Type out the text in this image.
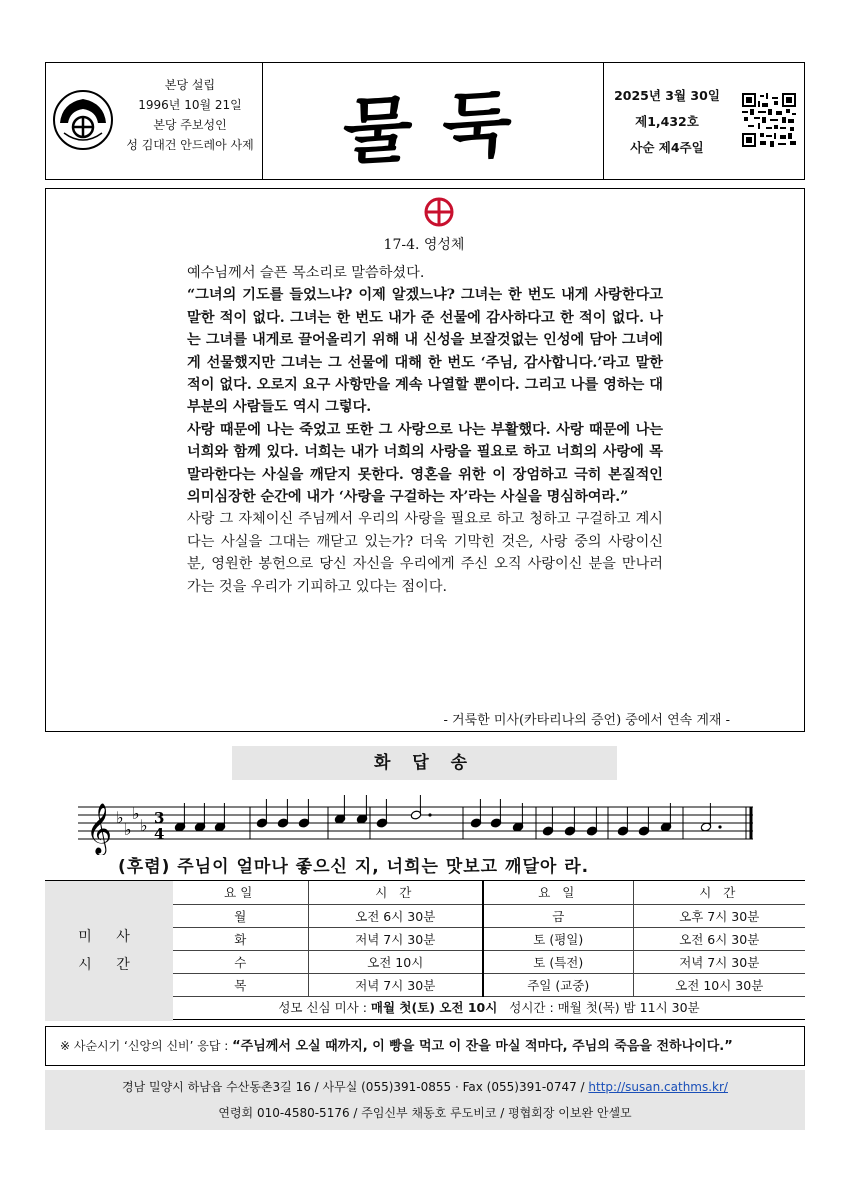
본당 설립
1996년 10월 21일
본당 주보성인
성 김대건 안드레아 사제 물둑	2025년 3월 30일
제1,432호
사순 제4주일
17-4. 영성체

예수님께서 슬픈 목소리로 말씀하셨다.

“그녀의 기도를 들었느냐? 이제 알겠느냐? 그녀는 한 번도 내게 사랑한다고 말한 적이 없다. 그녀는 한 번도 내가 준 선물에 감사하다고 한 적이 없다. 나는 그녀를 내게로 끌어올리기 위해 내 신성을 보잘것없는 인성에 담아 그녀에게 선물했지만 그녀는 그 선물에 대해 한 번도 ‘주님, 감사합니다.’라고 말한 적이 없다. 오로지 요구 사항만을 계속 나열할 뿐이다. 그리고 나를 영하는 대부분의 사람들도 역시 그렇다.

사랑 때문에 나는 죽었고 또한 그 사랑으로 나는 부활했다. 사랑 때문에 나는 너희와 함께 있다. 너희는 내가 너희의 사랑을 필요로 하고 너희의 사랑에 목말라한다는 사실을 깨닫지 못한다. 영혼을 위한 이 장엄하고 극히 본질적인 의미심장한 순간에 내가 ‘사랑을 구걸하는 자’라는 사실을 명심하여라.”

사랑 그 자체이신 주님께서 우리의 사랑을 필요로 하고 청하고 구걸하고 계시다는 사실을 그대는 깨닫고 있는가? 더욱 기막힌 것은, 사랑 중의 사랑이신 분, 영원한 봉헌으로 당신 자신을 우리에게 주신 오직 사랑이신 분을 만나러 가는 것을 우리가 기피하고 있다는 점이다.

- 거룩한 미사(카타리나의 증언) 중에서 연속 게재 -
화 답 송
𝄞 ♭
♭
♭
♭ 3
4
(후렴) 주님이 얼마나 좋으신 지, 너희는 맛보고 깨달아 라.
미 사
시 간
요일	시 간	요 일	시 간
월	오전 6시 30분	금	오후 7시 30분
화	저녁 7시 30분	토 (평일)	오전 6시 30분
수	오전 10시	토 (특전)	저녁 7시 30분
목	저녁 7시 30분	주일 (교중)	오전 10시 30분
성모 신심 미사 : 매월 첫(토) 오전 10시   성시간 : 매월 첫(목) 밤 11시 30분
※ 사순시기 ‘신앙의 신비’ 응답 : “주님께서 오실 때까지, 이 빵을 먹고 이 잔을 마실 적마다, 주님의 죽음을 전하나이다.”
경남 밀양시 하남읍 수산동촌3길 16 / 사무실 (055)391-0855 · Fax (055)391-0747 / http://susan.cathms.kr/
연령회 010-4580-5176 / 주임신부 채동호 루도비코 / 평협회장 이보완 안셀모
